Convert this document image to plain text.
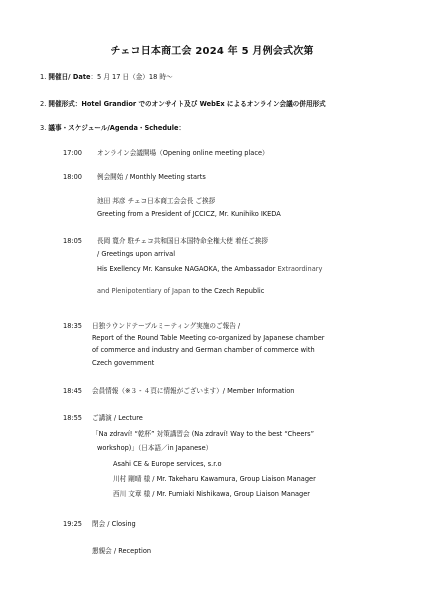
チェコ日本商工会 2024 年 5 月例会式次第
1. 開催日/ Date：5 月 17 日（金）18 時～
2. 開催形式：Hotel Grandior でのオンサイト及び WebEx によるオンライン会議の併用形式
3. 議事・スケジュール/Agenda・Schedule：
17:00 オンライン会議開場（Opening online meeting place）
18:00 例会開始 / Monthly Meeting starts
池田 邦彦 チェコ日本商工会会長 ご挨拶
Greeting from a President of JCCICZ, Mr. Kunihiko IKEDA
18:05 長岡 寛介 駐チェコ共和国日本国特命全権大使 着任ご挨拶
/ Greetings upon arrival
His Exellency Mr. Kansuke NAGAOKA, the Ambassador Extraordinary
and Plenipotentiary of Japan to the Czech Republic
18:35 日独ラウンドテーブルミーティング実施のご報告 /
Report of the Round Table Meeting co-organized by Japanese chamber
of commerce and industry and German chamber of commerce with
Czech government
18:45 会員情報（※３ - ４頁に情報がございます）/ Member Information
18:55 ご講演 / Lecture
「Na zdraví! “乾杯” 対策講習会 (Na zdraví! Way to the best “Cheers”
workshop)」（日本語／in Japanese）
Asahi CE & Europe services, s.r.o
川村 剛晴 様 / Mr. Takeharu Kawamura, Group Liaison Manager
西川 文章 様 / Mr. Fumiaki Nishikawa, Group Liaison Manager
19:25 閉会 / Closing
懇親会 / Reception
